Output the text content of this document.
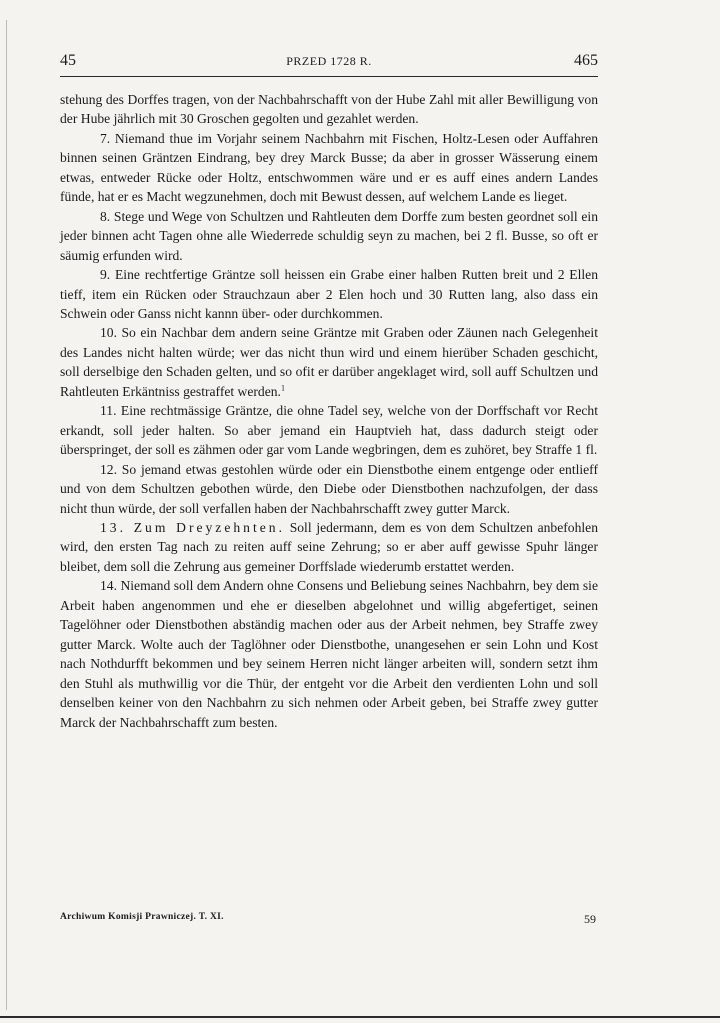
45	PRZED 1728 R.	465

stehung des Dorffes tragen, von der Nachbahrschafft von der Hube Zahl mit aller Bewilligung von der Hube jährlich mit 30 Groschen gegolten und gezahlet werden.

7. Niemand thue im Vorjahr seinem Nachbahrn mit Fischen, Holtz-Lesen oder Auffahren binnen seinen Gräntzen Eindrang, bey drey Marck Busse; da aber in grosser Wässerung einem etwas, entweder Rücke oder Holtz, entschwommen wäre und er es auff eines andern Landes fünde, hat er es Macht wegzunehmen, doch mit Bewust dessen, auf welchem Lande es lieget.

8. Stege und Wege von Schultzen und Rahtleuten dem Dorffe zum besten geordnet soll ein jeder binnen acht Tagen ohne alle Wiederrede schuldig seyn zu machen, bei 2 fl. Busse, so oft er säumig erfunden wird.

9. Eine rechtfertige Gräntze soll heissen ein Grabe einer halben Rutten breit und 2 Ellen tieff, item ein Rücken oder Strauchzaun aber 2 Elen hoch und 30 Rutten lang, also dass ein Schwein oder Ganss nicht kannn über- oder durchkommen.

10. So ein Nachbar dem andern seine Gräntze mit Graben oder Zäunen nach Gelegenheit des Landes nicht halten würde; wer das nicht thun wird und einem hierüber Schaden geschicht, soll derselbige den Schaden gelten, und so ofit er darüber angeklaget wird, soll auff Schultzen und Rahtleuten Erkäntniss gestraffet werden.$^1$

11. Eine rechtmässige Gräntze, die ohne Tadel sey, welche von der Dorffschaft vor Recht erkandt, soll jeder halten. So aber jemand ein Hauptvieh hat, dass dadurch steigt oder überspringet, der soll es zähmen oder gar vom Lande wegbringen, dem es zuhöret, bey Straffe 1 fl.

12. So jemand etwas gestohlen würde oder ein Dienstbothe einem entgenge oder entlieff und von dem Schultzen gebothen würde, den Diebe oder Dienstbothen nachzufolgen, der dass nicht thun würde, der soll verfallen haben der Nachbahrschafft zwey gutter Marck.

13. Zum Dreyzehnten. Soll jedermann, dem es von dem Schultzen anbefohlen wird, den ersten Tag nach zu reiten auff seine Zehrung; so er aber auff gewisse Spuhr länger bleibet, dem soll die Zehrung aus gemeiner Dorffslade wiederumb erstattet werden.

14. Niemand soll dem Andern ohne Consens und Beliebung seines Nachbahrn, bey dem sie Arbeit haben angenommen und ehe er dieselben abgelohnet und willig abgefertiget, seinen Tagelöhner oder Dienstbothen abständig machen oder aus der Arbeit nehmen, bey Straffe zwey gutter Marck. Wolte auch der Taglöhner oder Dienstbothe, unangesehen er sein Lohn und Kost nach Nothdurfft bekommen und bey seinem Herren nicht länger arbeiten will, sondern setzt ihm den Stuhl als muthwillig vor die Thür, der entgeht vor die Arbeit den verdienten Lohn und soll denselben keiner von den Nachbahrn zu sich nehmen oder Arbeit geben, bei Straffe zwey gutter Marck der Nachbahrschafft zum besten.

Archiwum Komisji Prawniczej. T. XI.	59
